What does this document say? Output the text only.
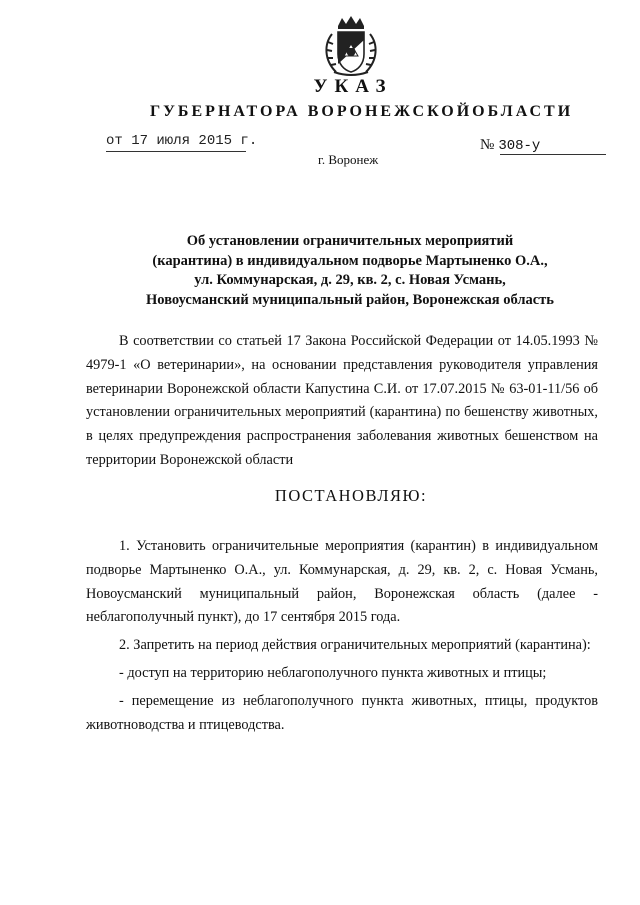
УКАЗ
ГУБЕРНАТОРА ВОРОНЕЖСКОЙОБЛАСТИ
от 17 июля 2015 г.	№ 308-у
г. Воронеж
Об установлении ограничительных мероприятий
(карантина) в индивидуальном подворье Мартыненко О.А.,
ул. Коммунарская, д. 29, кв. 2, с. Новая Усмань,
Новоусманский муниципальный район, Воронежская область

В соответствии со статьей 17 Закона Российской Федерации от 14.05.1993 № 4979-1 «О ветеринарии», на основании представления руководителя управления ветеринарии Воронежской области Капустина С.И. от 17.07.2015 № 63-01-11/56 об установлении ограничительных мероприятий (карантина) по бешенству животных, в целях предупреждения распространения заболевания животных бешенством на территории Воронежской области

ПОСТАНОВЛЯЮ:

1. Установить ограничительные мероприятия (карантин) в индивидуальном подворье Мартыненко О.А., ул. Коммунарская, д. 29, кв. 2, с. Новая Усмань, Новоусманский муниципальный район, Воронежская область (далее - неблагополучный пункт), до 17 сентября 2015 года.

2. Запретить на период действия ограничительных мероприятий (карантина):

- доступ на территорию неблагополучного пункта животных и птицы;

- перемещение из неблагополучного пункта животных, птицы, продуктов животноводства и птицеводства.
